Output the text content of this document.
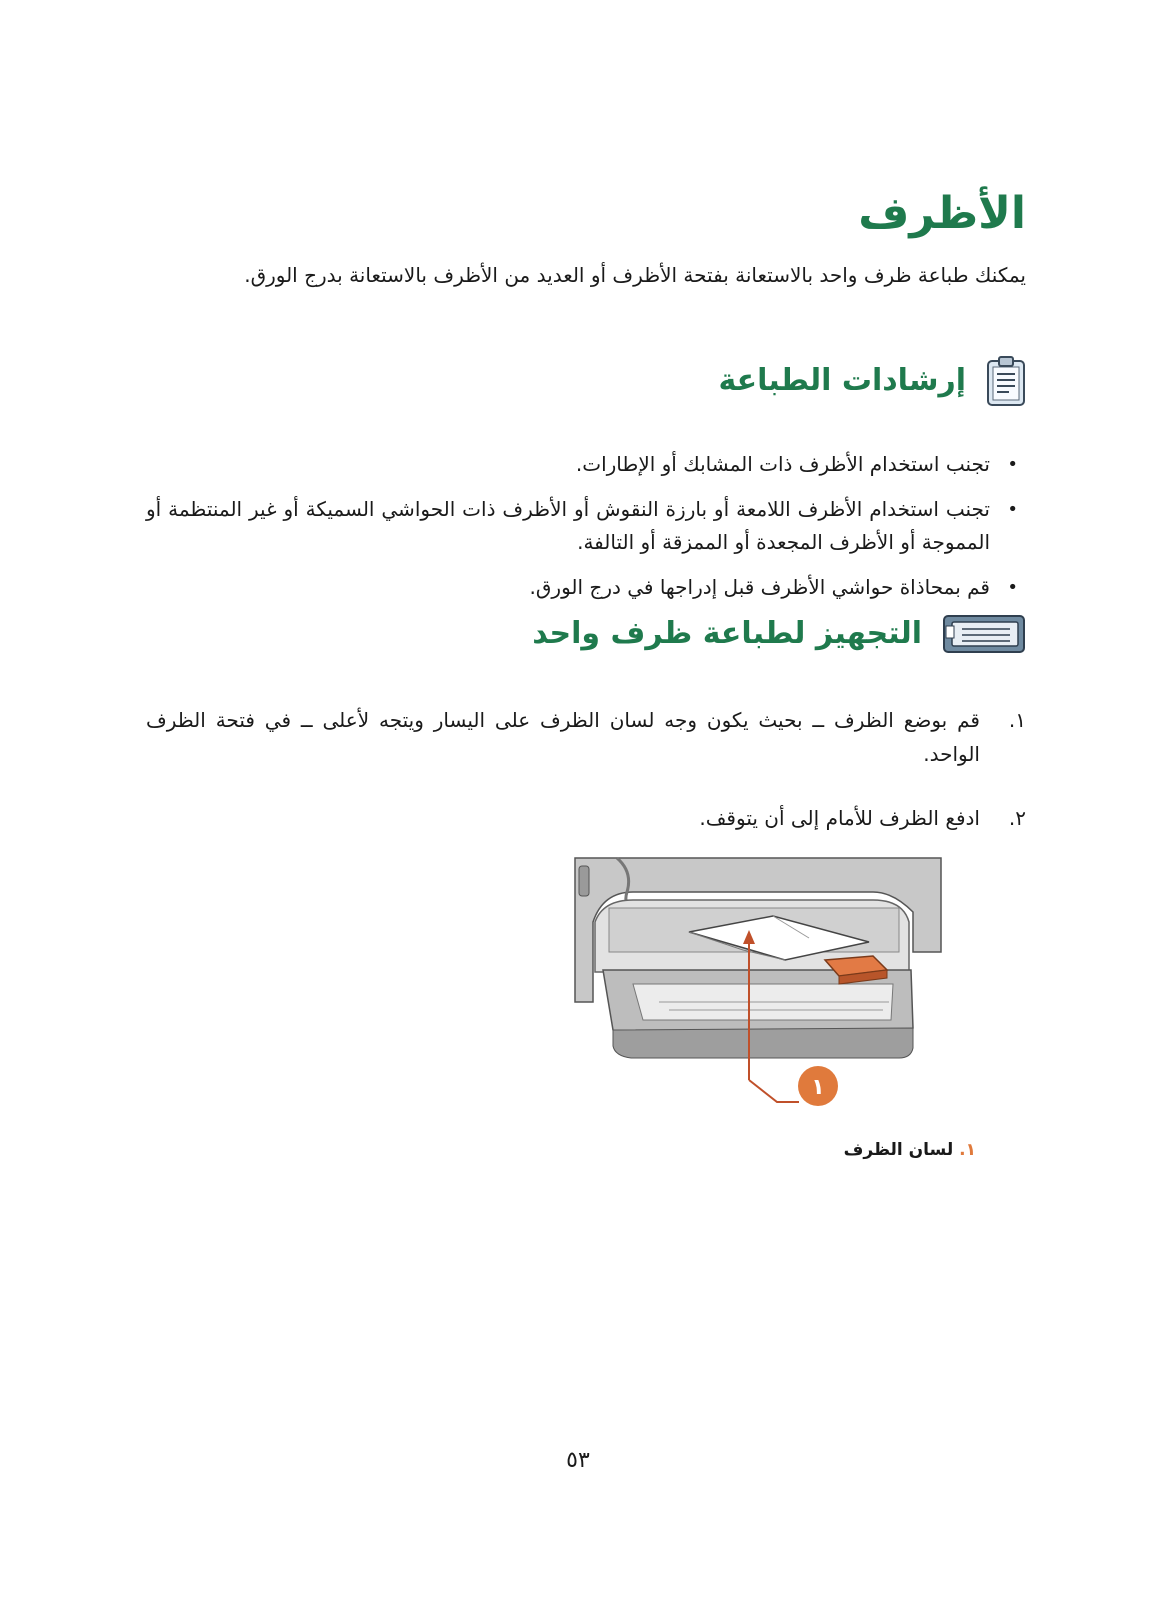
الأظرف

يمكنك طباعة ظرف واحد بالاستعانة بفتحة الأظرف أو العديد من الأظرف بالاستعانة بدرج الورق.

إرشادات الطباعة
•
تجنب استخدام الأظرف ذات المشابك أو الإطارات.
•
تجنب استخدام الأظرف اللامعة أو بارزة النقوش أو الأظرف ذات الحواشي السميكة أو غير المنتظمة أو المموجة أو الأظرف المجعدة أو الممزقة أو التالفة.
•
قم بمحاذاة حواشي الأظرف قبل إدراجها في درج الورق.
التجهيز لطباعة ظرف واحد
١.
قم بوضع الظرف ــ بحيث يكون وجه لسان الظرف على اليسار ويتجه لأعلى ــ في فتحة الظرف الواحد.
٢.
ادفع الظرف للأمام إلى أن يتوقف.
١
١. لسان الظرف
٥٣
